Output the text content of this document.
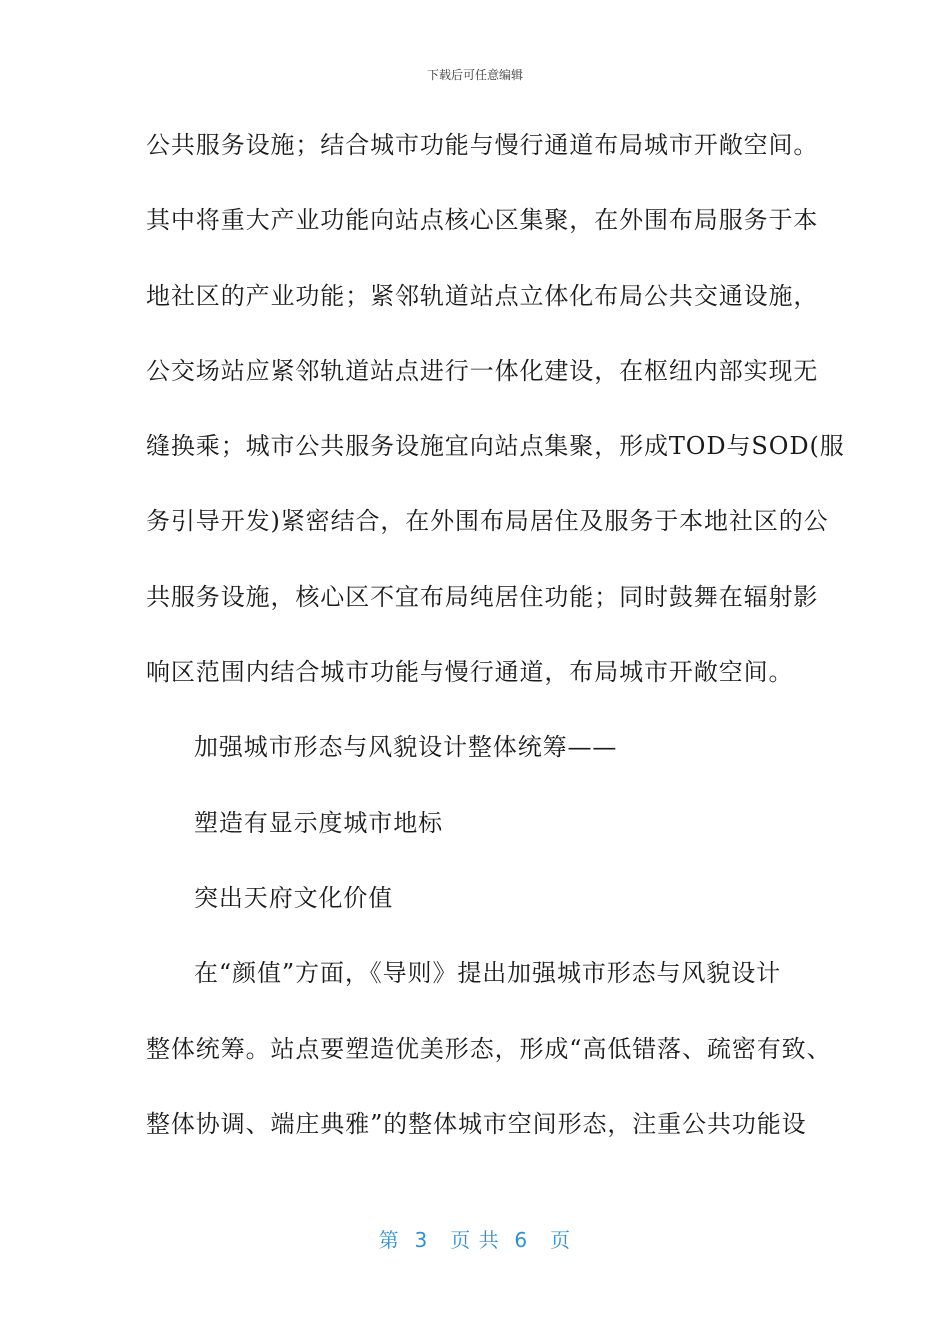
下载后可任意编辑
公共服务设施；结合城市功能与慢行通道布局城市开敞空间。
其中将重大产业功能向站点核心区集聚，在外围布局服务于本
地社区的产业功能；紧邻轨道站点立体化布局公共交通设施，
公交场站应紧邻轨道站点进行一体化建设，在枢纽内部实现无
缝换乘；城市公共服务设施宜向站点集聚，形成TOD与SOD(服
务引导开发)紧密结合，在外围布局居住及服务于本地社区的公
共服务设施，核心区不宜布局纯居住功能；同时鼓舞在辐射影
响区范围内结合城市功能与慢行通道，布局城市开敞空间。
加强城市形态与风貌设计整体统筹——
塑造有显示度城市地标
突出天府文化价值
在“颜值”方面，《导则》提出加强城市形态与风貌设计
整体统筹。站点要塑造优美形态，形成“高低错落、疏密有致、
整体协调、端庄典雅”的整体城市空间形态，注重公共功能设
第  3   页 共  6   页
